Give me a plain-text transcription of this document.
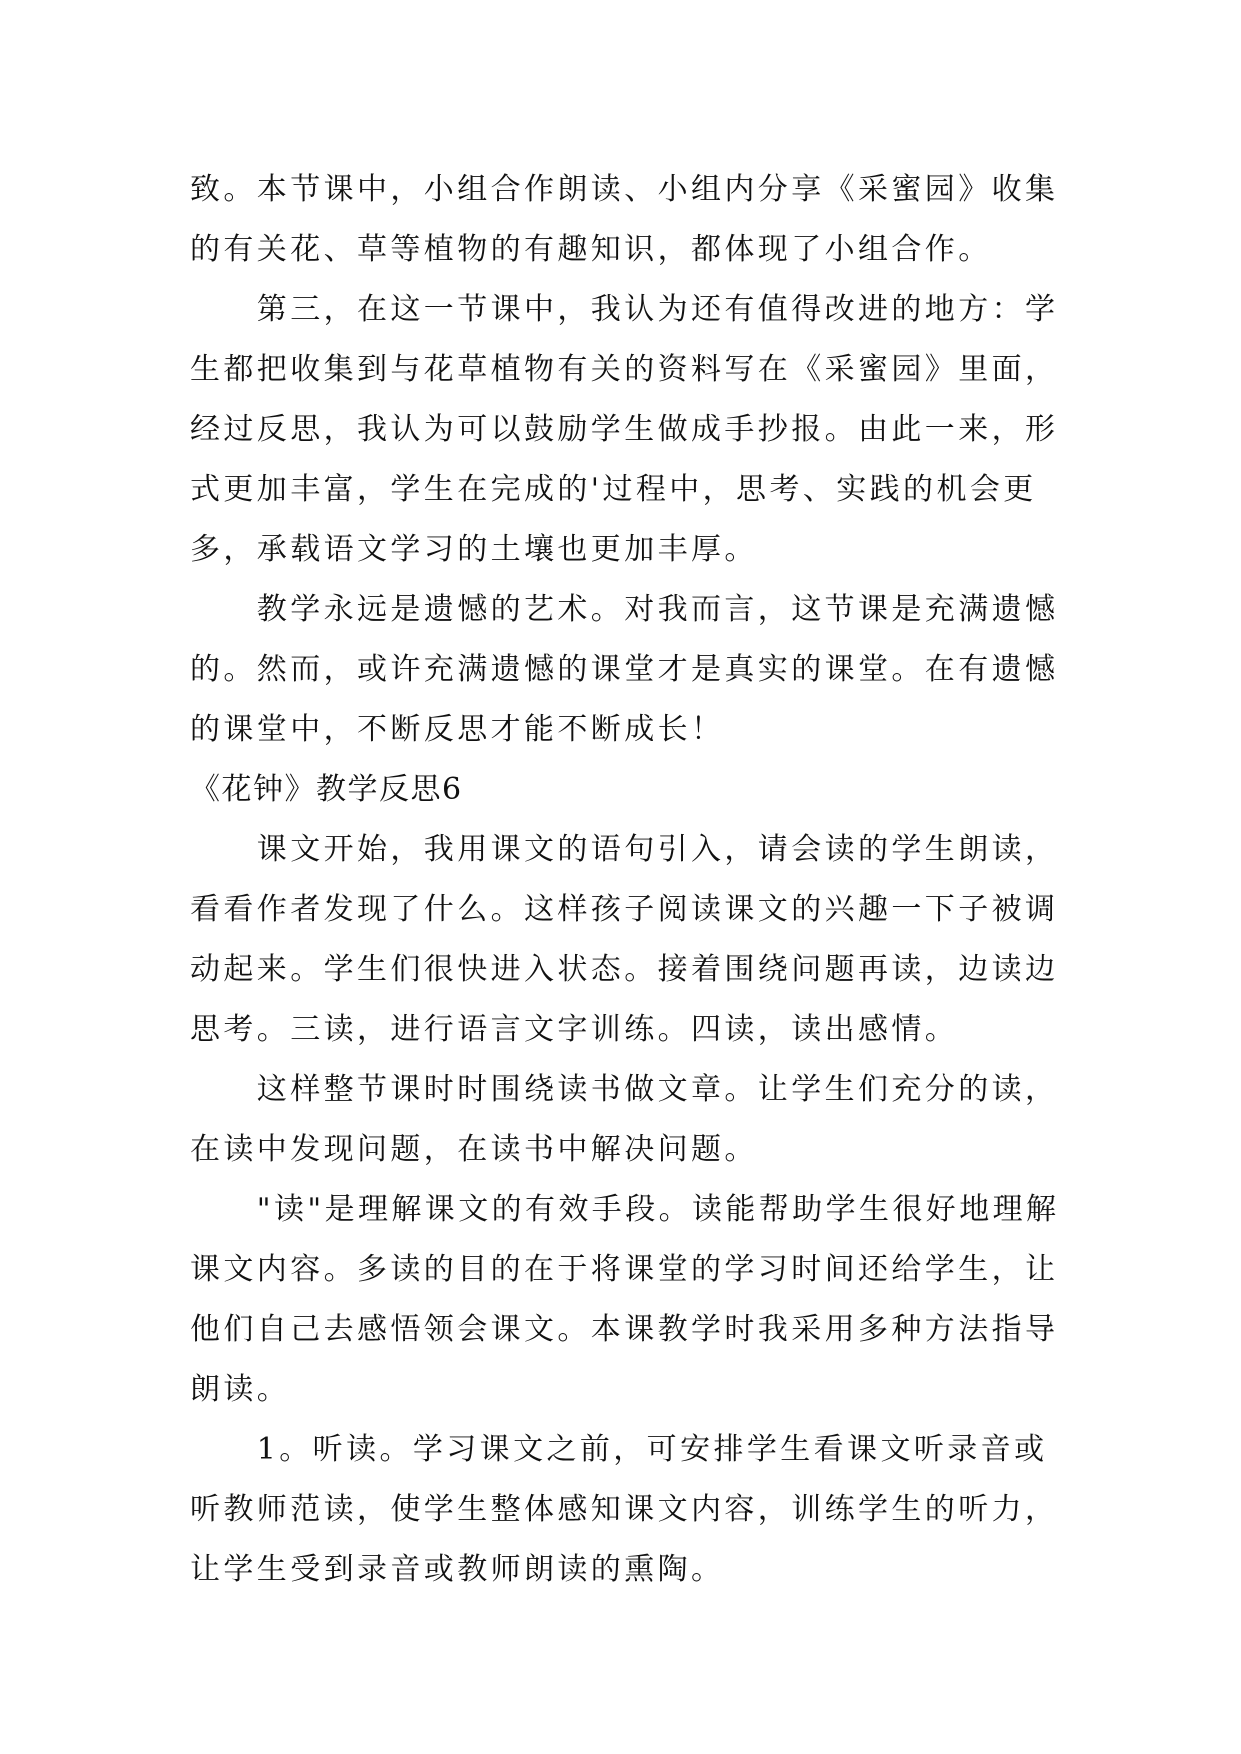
致。本节课中，小组合作朗读、小组内分享《采蜜园》收集
的有关花、草等植物的有趣知识，都体现了小组合作。
　　第三，在这一节课中，我认为还有值得改进的地方：学
生都把收集到与花草植物有关的资料写在《采蜜园》里面，
经过反思，我认为可以鼓励学生做成手抄报。由此一来，形
式更加丰富，学生在完成的'过程中，思考、实践的机会更
多，承载语文学习的土壤也更加丰厚。
　　教学永远是遗憾的艺术。对我而言，这节课是充满遗憾
的。然而，或许充满遗憾的课堂才是真实的课堂。在有遗憾
的课堂中，不断反思才能不断成长！
《花钟》教学反思6
　　课文开始，我用课文的语句引入，请会读的学生朗读，
看看作者发现了什么。这样孩子阅读课文的兴趣一下子被调
动起来。学生们很快进入状态。接着围绕问题再读，边读边
思考。三读，进行语言文字训练。四读，读出感情。
　　这样整节课时时围绕读书做文章。让学生们充分的读，
在读中发现问题，在读书中解决问题。
　　"读"是理解课文的有效手段。读能帮助学生很好地理解
课文内容。多读的目的在于将课堂的学习时间还给学生，让
他们自己去感悟领会课文。本课教学时我采用多种方法指导
朗读。
　　1。听读。学习课文之前，可安排学生看课文听录音或
听教师范读，使学生整体感知课文内容，训练学生的听力，
让学生受到录音或教师朗读的熏陶。
